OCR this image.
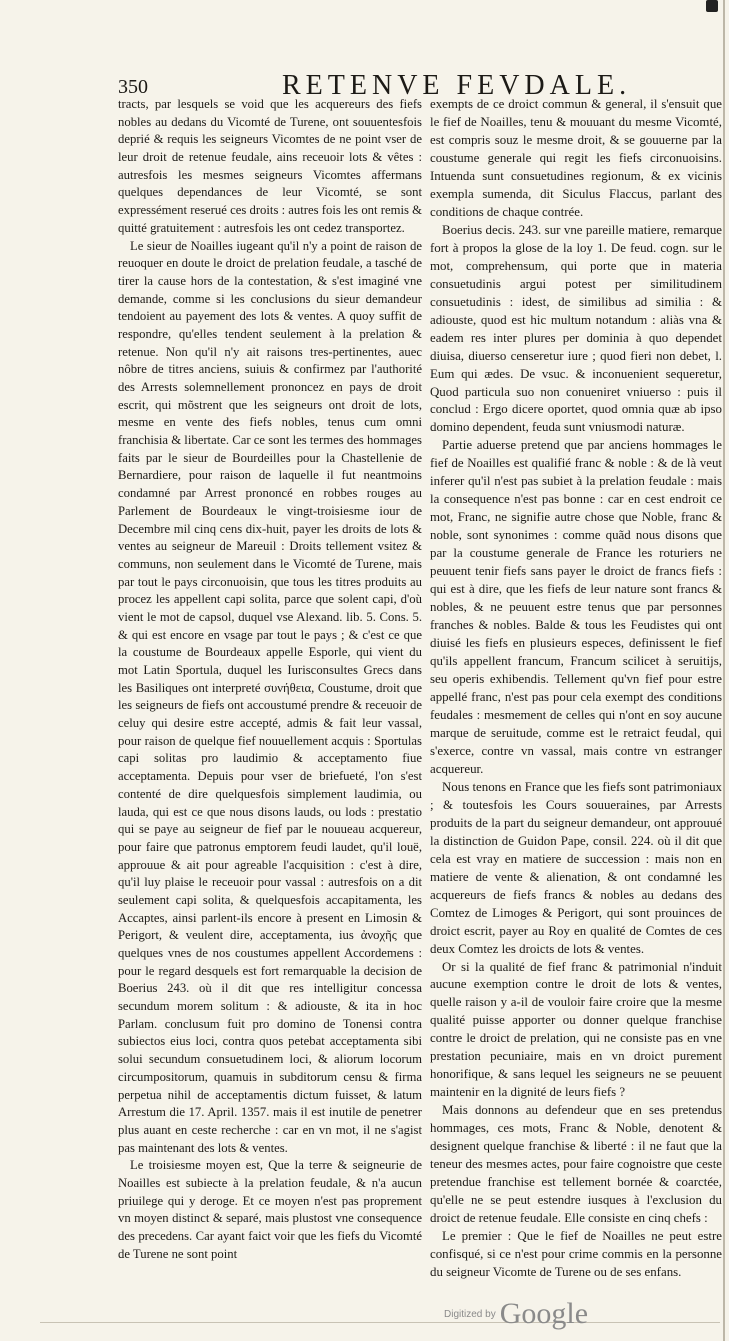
350	RETENVE FEVDALE.

tracts, par lesquels se void que les acquereurs des fiefs nobles au dedans du Vicomté de Turene, ont souuentesfois deprié & requis les seigneurs Vicomtes de ne point vser de leur droit de retenue feudale, ains receuoir lots & vêtes : autresfois les mesmes seigneurs Vicomtes affermans quelques dependances de leur Vicomté, se sont expressément reserué ces droits : autres fois les ont remis & quitté gratuitement : autresfois les ont cedez transportez.

Le sieur de Noailles iugeant qu'il n'y a point de raison de reuoquer en doute le droict de prelation feudale, a tasché de tirer la cause hors de la contestation, & s'est imaginé vne demande, comme si les conclusions du sieur demandeur tendoient au payement des lots & ventes. A quoy suffit de respondre, qu'elles tendent seulement à la prelation & retenue. Non qu'il n'y ait raisons tres-pertinentes, auec nôbre de titres anciens, suiuis & confirmez par l'authorité des Arrests solemnellement prononcez en pays de droit escrit, qui mõstrent que les seigneurs ont droit de lots, mesme en vente des fiefs nobles, tenus cum omni franchisia & libertate. Car ce sont les termes des hommages faits par le sieur de Bourdeilles pour la Chastellenie de Bernardiere, pour raison de laquelle il fut neantmoins condamné par Arrest prononcé en robbes rouges au Parlement de Bourdeaux le vingt-troisiesme iour de Decembre mil cinq cens dix-huit, payer les droits de lots & ventes au seigneur de Mareuil : Droits tellement vsitez & communs, non seulement dans le Vicomté de Turene, mais par tout le pays circonuoisin, que tous les titres produits au procez les appellent capi solita, parce que solent capi, d'où vient le mot de capsol, duquel vse Alexand. lib. 5. Cons. 5. & qui est encore en vsage par tout le pays ; & c'est ce que la coustume de Bourdeaux appelle Esporle, qui vient du mot Latin Sportula, duquel les Iurisconsultes Grecs dans les Basiliques ont interpreté συνήθεια, Coustume, droit que les seigneurs de fiefs ont accoustumé prendre & receuoir de celuy qui desire estre accepté, admis & fait leur vassal, pour raison de quelque fief nouuellement acquis : Sportulas capi solitas pro laudimio & acceptamento fiue acceptamenta. Depuis pour vser de briefueté, l'on s'est contenté de dire quelquesfois simplement laudimia, ou lauda, qui est ce que nous disons lauds, ou lods : prestatio qui se paye au seigneur de fief par le nouueau acquereur, pour faire que patronus emptorem feudi laudet, qu'il louë, approuue & ait pour agreable l'acquisition : c'est à dire, qu'il luy plaise le receuoir pour vassal : autresfois on a dit seulement capi solita, & quelquesfois accapitamenta, les Accaptes, ainsi parlent-ils encore à present en Limosin & Perigort, & veulent dire, acceptamenta, ius ἀνοχῆς que quelques vnes de nos coustumes appellent Accordemens : pour le regard desquels est fort remarquable la decision de Boerius 243. où il dit que res intelligitur concessa secundum morem solitum : & adiouste, & ita in hoc Parlam. conclusum fuit pro domino de Tonensi contra subiectos eius loci, contra quos petebat acceptamenta sibi solui secundum consuetudinem loci, & aliorum locorum circumpositorum, quamuis in subditorum censu & firma perpetua nihil de acceptamentis dictum fuisset, & latum Arrestum die 17. April. 1357. mais il est inutile de penetrer plus auant en ceste recherche : car en vn mot, il ne s'agist pas maintenant des lots & ventes.

Le troisiesme moyen est, Que la terre & seigneurie de Noailles est subiecte à la prelation feudale, & n'a aucun priuilege qui y deroge. Et ce moyen n'est pas proprement vn moyen distinct & separé, mais plustost vne consequence des precedens. Car ayant faict voir que les fiefs du Vicomté de Turene ne sont point

exempts de ce droict commun & general, il s'ensuit que le fief de Noailles, tenu & mouuant du mesme Vicomté, est compris souz le mesme droit, & se gouuerne par la coustume generale qui regit les fiefs circonuoisins. Intuenda sunt consuetudines regionum, & ex vicinis exempla sumenda, dit Siculus Flaccus, parlant des conditions de chaque contrée.

Boerius decis. 243. sur vne pareille matiere, remarque fort à propos la glose de la loy 1. De feud. cogn. sur le mot, comprehensum, qui porte que in materia consuetudinis argui potest per similitudinem consuetudinis : idest, de similibus ad similia : & adiouste, quod est hic multum notandum : aliàs vna & eadem res inter plures per dominia à quo dependet diuisa, diuerso censeretur iure ; quod fieri non debet, l. Eum qui ædes. De vsuc. & inconuenient sequeretur, Quod particula suo non conueniret vniuerso : puis il conclud : Ergo dicere oportet, quod omnia quæ ab ipso domino dependent, feuda sunt vniusmodi naturæ.

Partie aduerse pretend que par anciens hommages le fief de Noailles est qualifié franc & noble : & de là veut inferer qu'il n'est pas subiet à la prelation feudale : mais la consequence n'est pas bonne : car en cest endroit ce mot, Franc, ne signifie autre chose que Noble, franc & noble, sont synonimes : comme quãd nous disons que par la coustume generale de France les roturiers ne peuuent tenir fiefs sans payer le droict de francs fiefs : qui est à dire, que les fiefs de leur nature sont francs & nobles, & ne peuuent estre tenus que par personnes franches & nobles. Balde & tous les Feudistes qui ont diuisé les fiefs en plusieurs especes, definissent le fief qu'ils appellent francum, Francum scilicet à seruitijs, seu operis exhibendis. Tellement qu'vn fief pour estre appellé franc, n'est pas pour cela exempt des conditions feudales : mesmement de celles qui n'ont en soy aucune marque de seruitude, comme est le retraict feudal, qui s'exerce, contre vn vassal, mais contre vn estranger acquereur.

Nous tenons en France que les fiefs sont patrimoniaux ; & toutesfois les Cours souueraines, par Arrests produits de la part du seigneur demandeur, ont approuué la distinction de Guidon Pape, consil. 224. où il dit que cela est vray en matiere de succession : mais non en matiere de vente & alienation, & ont condamné les acquereurs de fiefs francs & nobles au dedans des Comtez de Limoges & Perigort, qui sont prouinces de droict escrit, payer au Roy en qualité de Comtes de ces deux Comtez les droicts de lots & ventes.

Or si la qualité de fief franc & patrimonial n'induit aucune exemption contre le droit de lots & ventes, quelle raison y a-il de vouloir faire croire que la mesme qualité puisse apporter ou donner quelque franchise contre le droict de prelation, qui ne consiste pas en vne prestation pecuniaire, mais en vn droict purement honorifique, & sans lequel les seigneurs ne se peuuent maintenir en la dignité de leurs fiefs ?

Mais donnons au defendeur que en ses pretendus hommages, ces mots, Franc & Noble, denotent & designent quelque franchise & liberté : il ne faut que la teneur des mesmes actes, pour faire cognoistre que ceste pretendue franchise est tellement bornée & coarctée, qu'elle ne se peut estendre iusques à l'exclusion du droict de retenue feudale. Elle consiste en cinq chefs :

Le premier : Que le fief de Noailles ne peut estre confisqué, si ce n'est pour crime commis en la personne du seigneur Vicomte de Turene ou de ses enfans.

$^{Digitized by}$ Google
